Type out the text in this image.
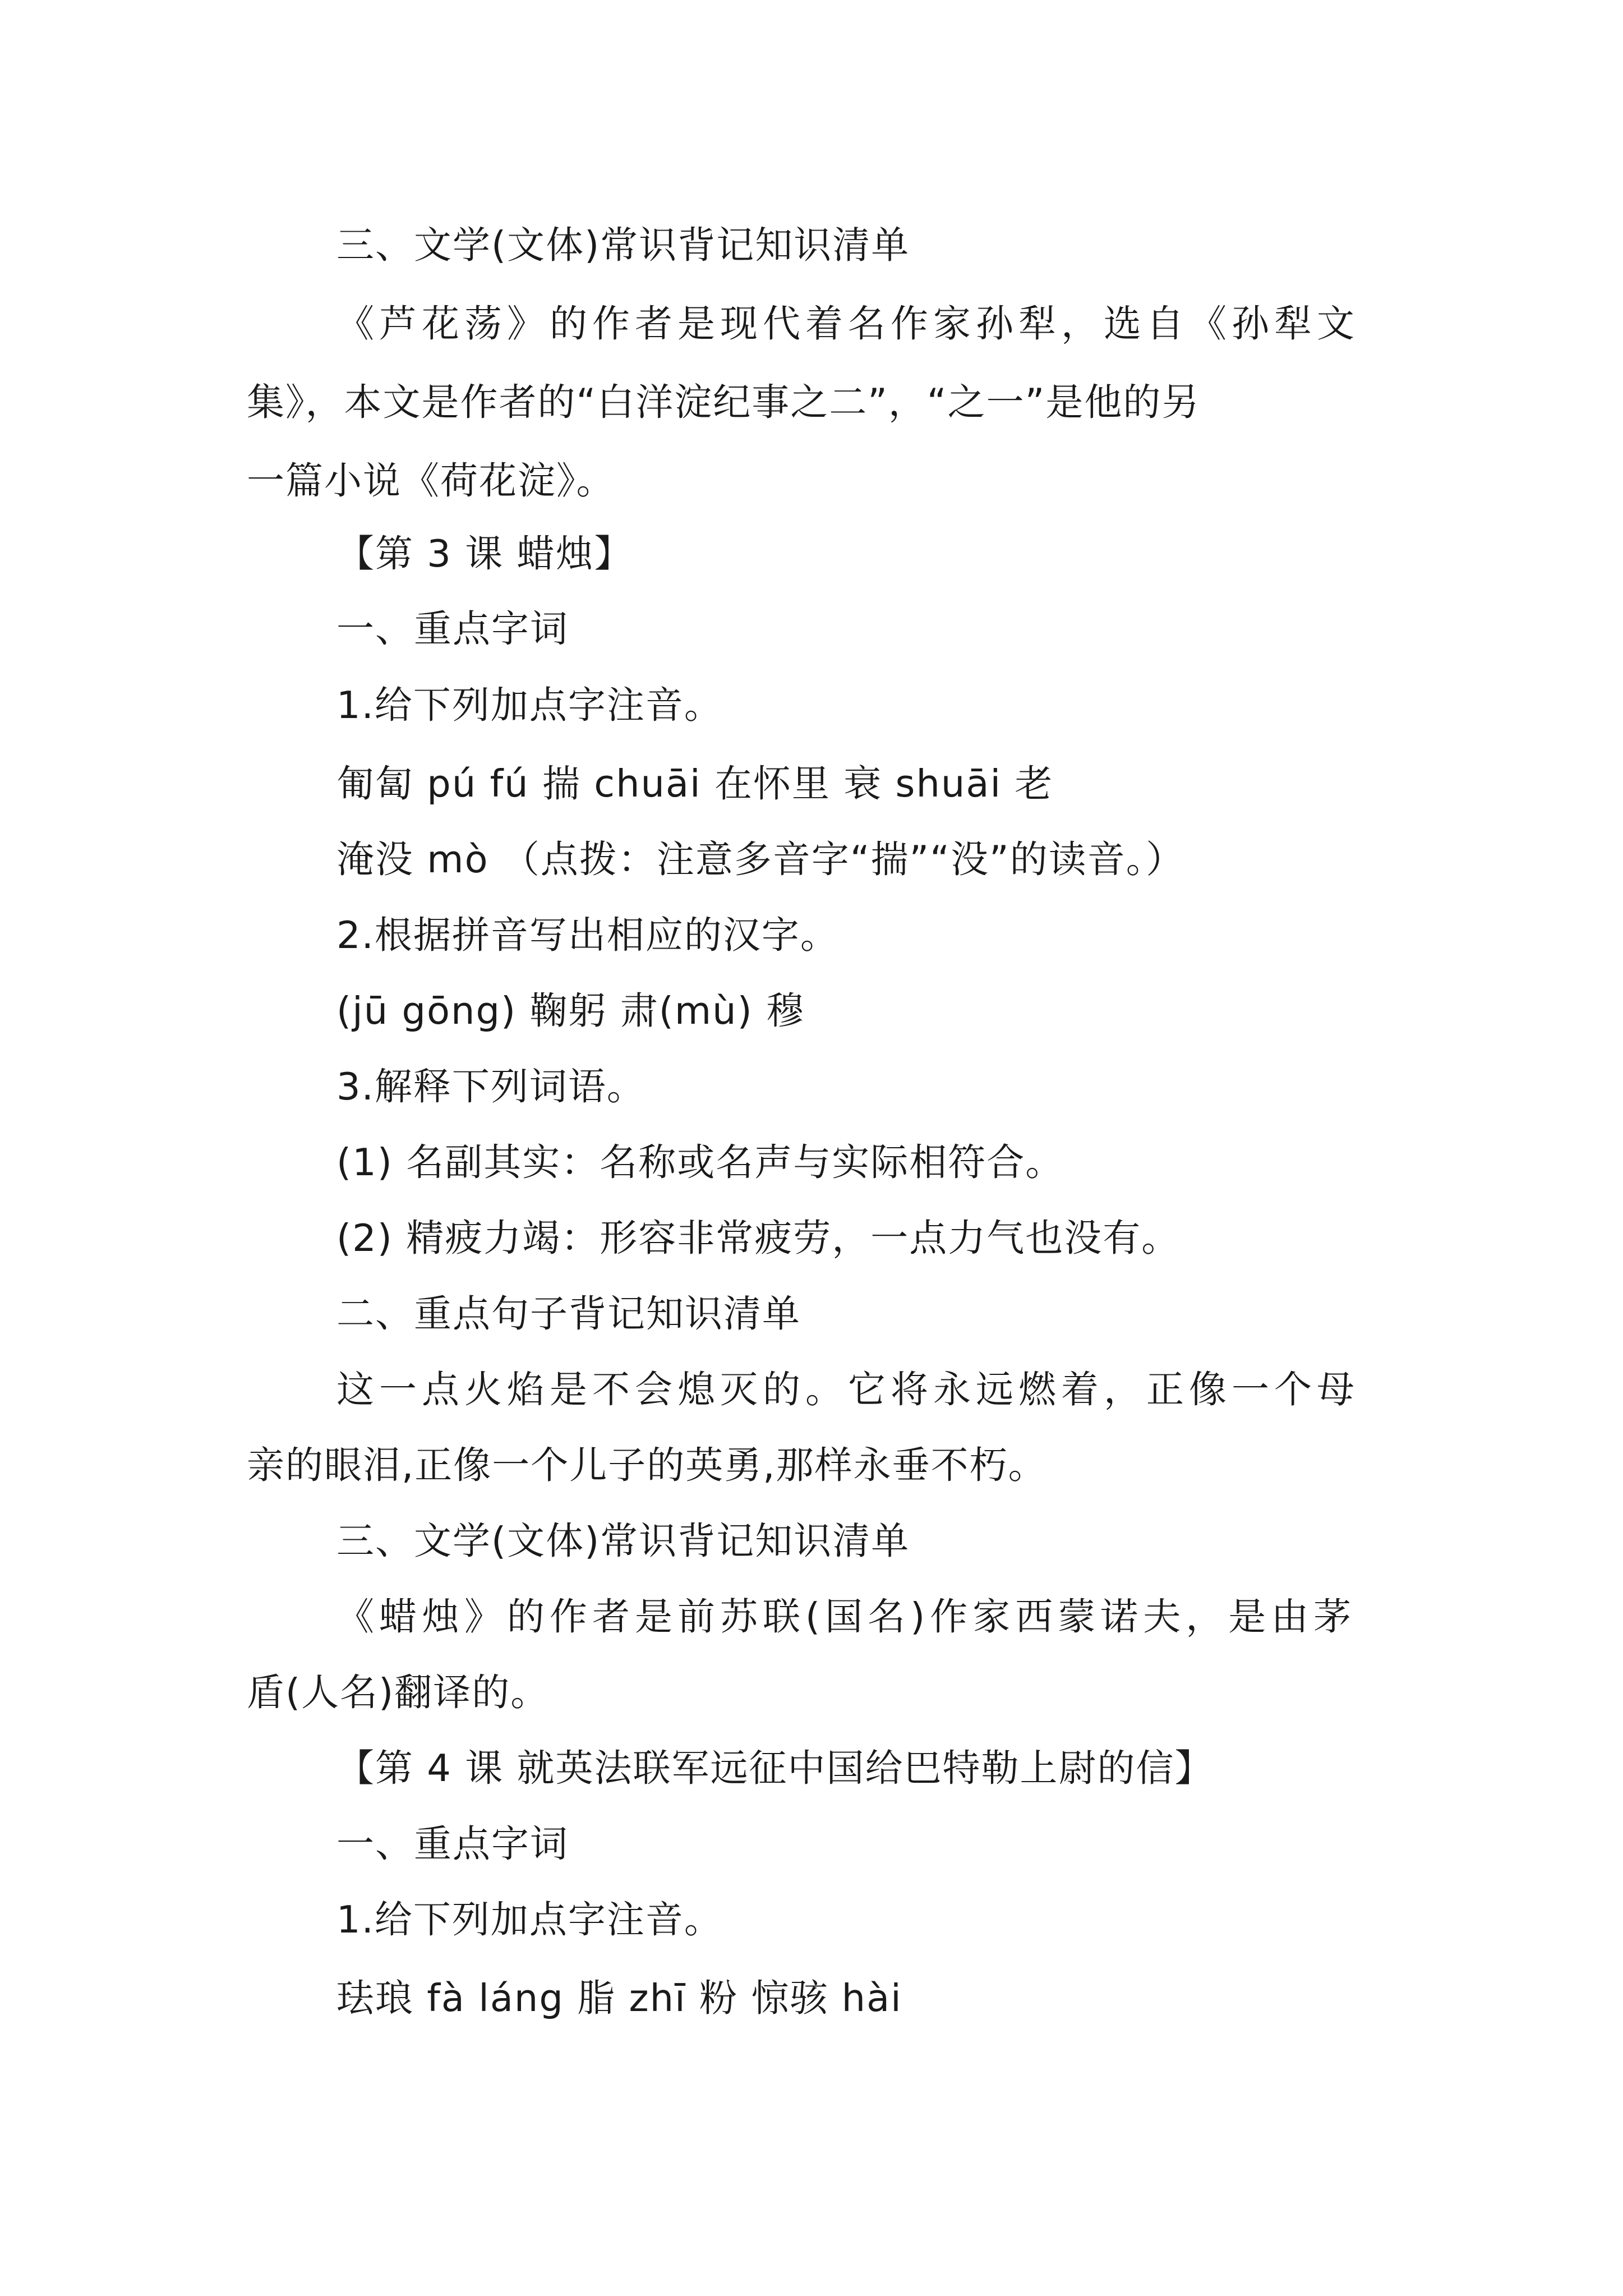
三、文学(文体)常识背记知识清单
《芦花荡》的作者是现代着名作家孙犁，选自《孙犁文
集》，本文是作者的“白洋淀纪事之二”，“之一”是他的另
一篇小说《荷花淀》。
【第 3 课 蜡烛】
一、重点字词
1.给下列加点字注音。
匍匐 pú fú 揣 chuāi 在怀里 衰 shuāi 老
淹没 mò （点拨：注意多音字“揣”“没”的读音。）
2.根据拼音写出相应的汉字。
(jū gōng) 鞠躬 肃(mù) 穆
3.解释下列词语。
(1) 名副其实：名称或名声与实际相符合。
(2) 精疲力竭：形容非常疲劳，一点力气也没有。
二、重点句子背记知识清单
这一点火焰是不会熄灭的。它将永远燃着，正像一个母
亲的眼泪,正像一个儿子的英勇,那样永垂不朽。
三、文学(文体)常识背记知识清单
《蜡烛》的作者是前苏联(国名)作家西蒙诺夫，是由茅
盾(人名)翻译的。
【第 4 课 就英法联军远征中国给巴特勒上尉的信】
一、重点字词
1.给下列加点字注音。
珐琅 fà láng 脂 zhī 粉 惊骇 hài
